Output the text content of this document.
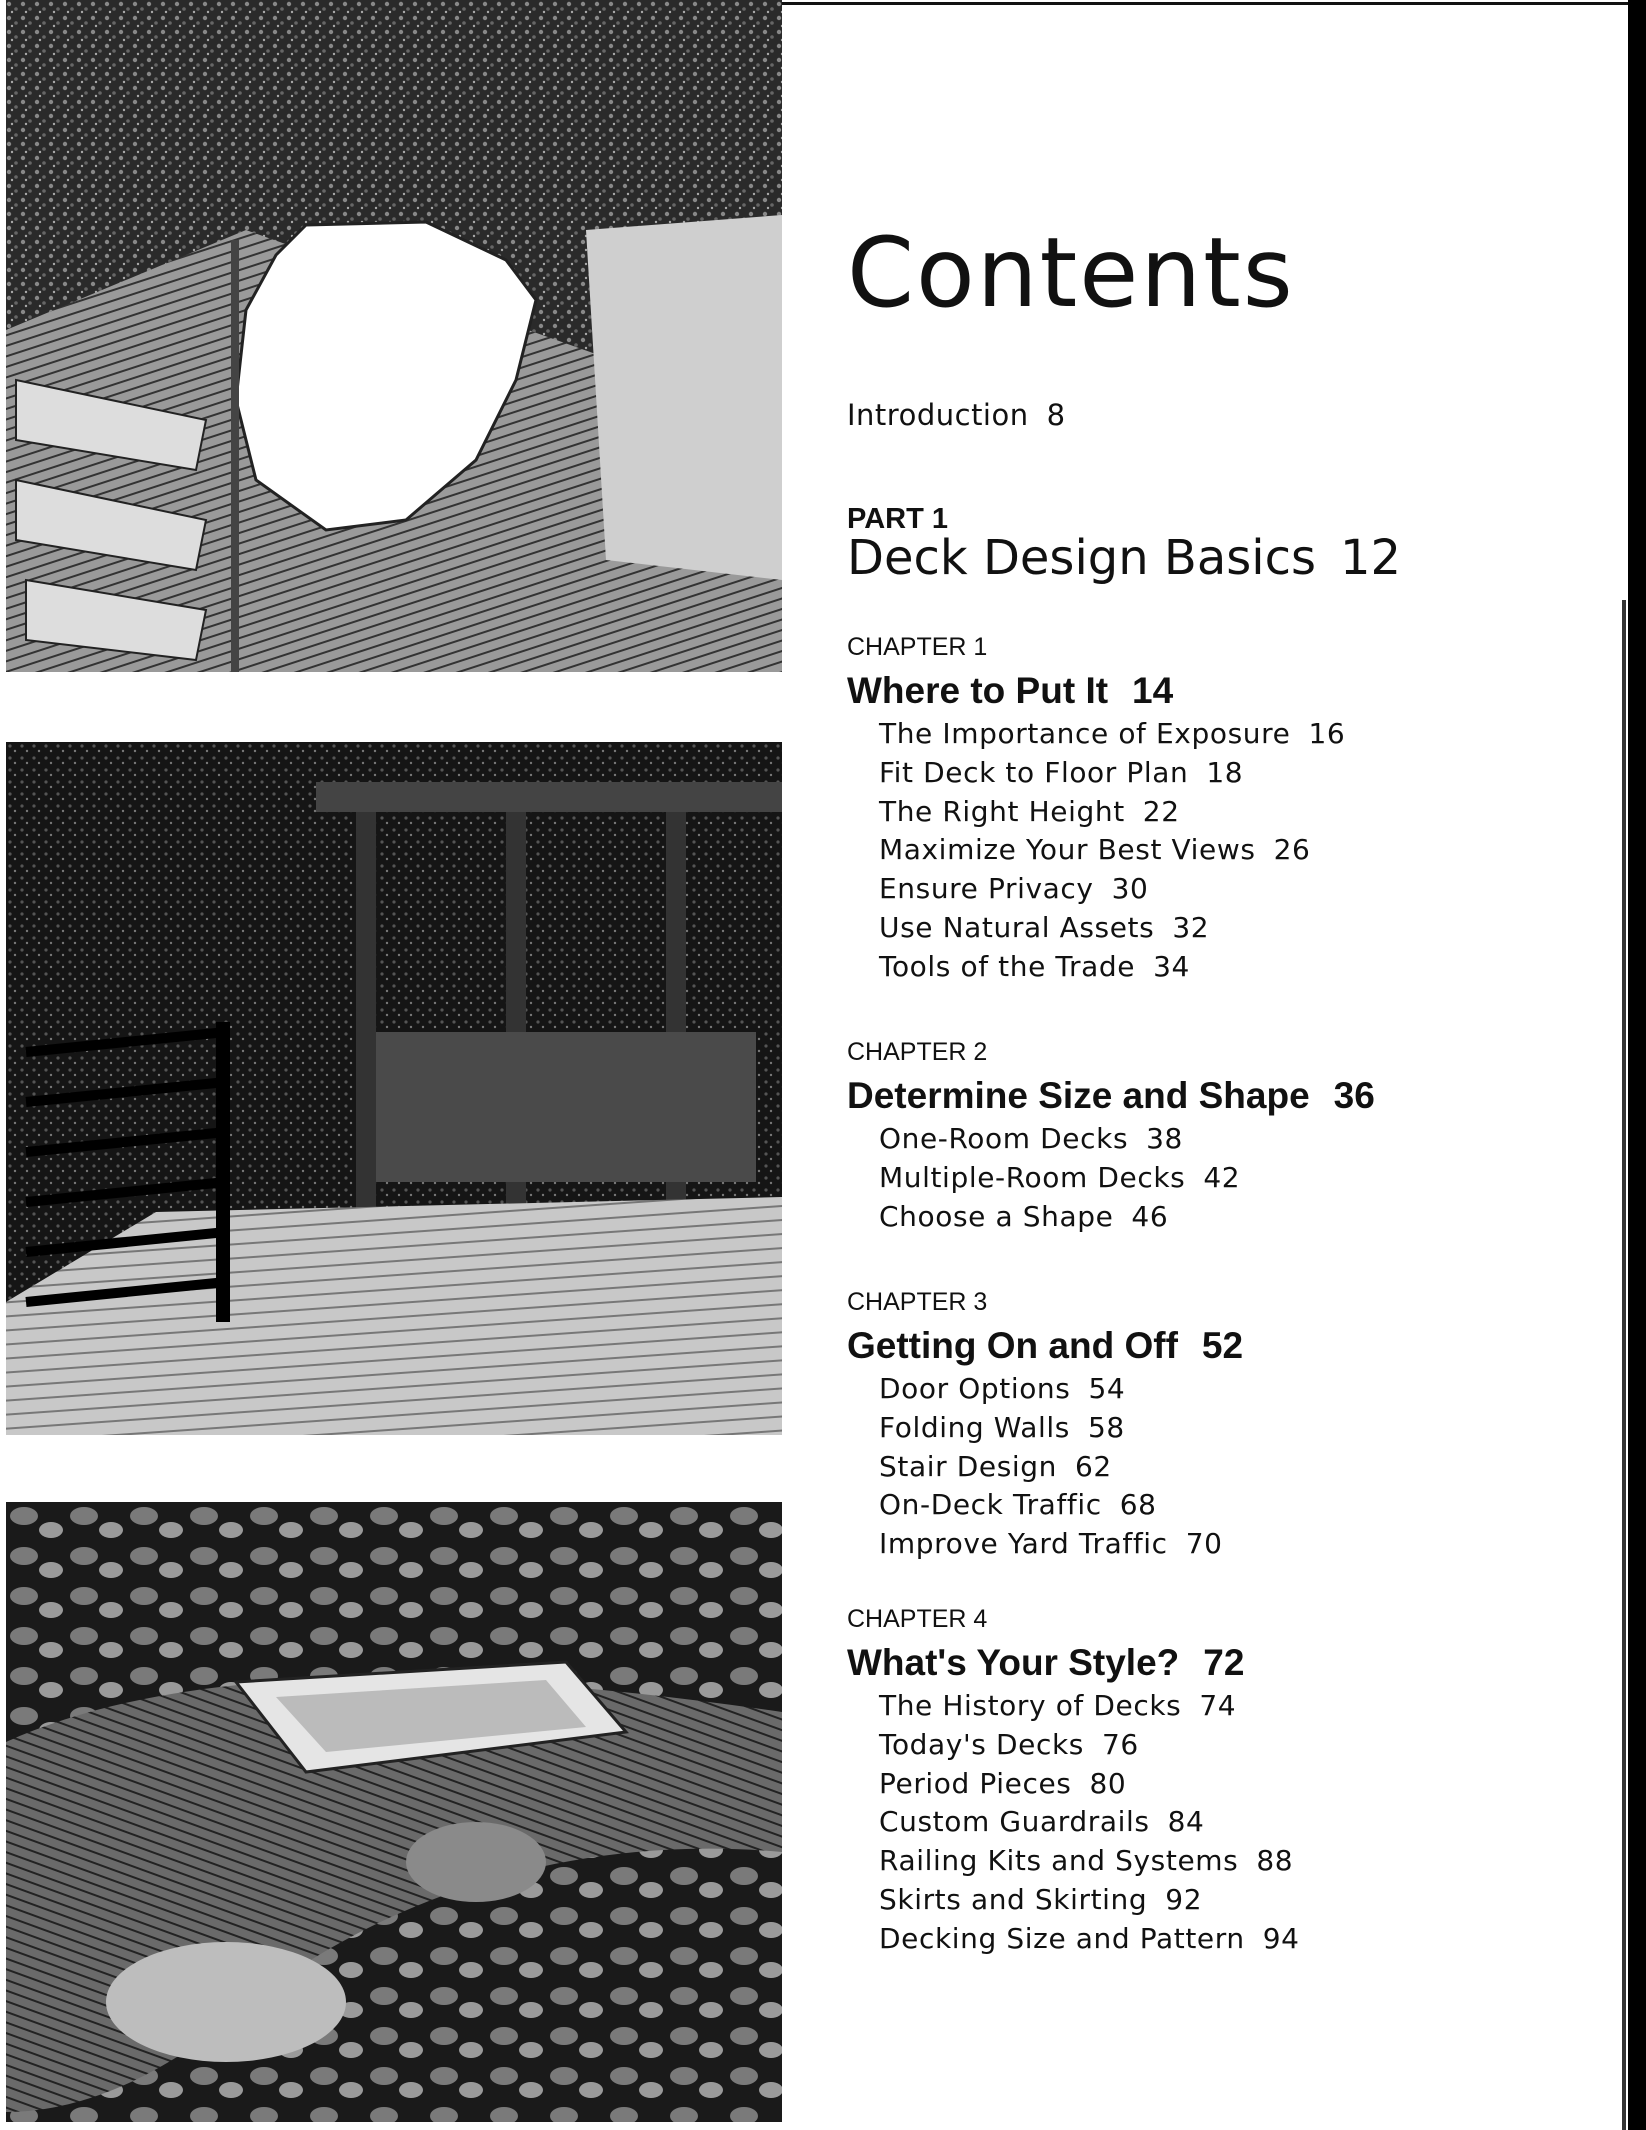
Contents
Introduction 8
PART 1
Deck Design Basics 12
CHAPTER 1
Where to Put It 14
The Importance of Exposure 16
Fit Deck to Floor Plan 18
The Right Height 22
Maximize Your Best Views 26
Ensure Privacy 30
Use Natural Assets 32
Tools of the Trade 34
CHAPTER 2
Determine Size and Shape 36
One-Room Decks 38
Multiple-Room Decks 42
Choose a Shape 46
CHAPTER 3
Getting On and Off 52
Door Options 54
Folding Walls 58
Stair Design 62
On-Deck Traffic 68
Improve Yard Traffic 70
CHAPTER 4
What's Your Style? 72
The History of Decks 74
Today's Decks 76
Period Pieces 80
Custom Guardrails 84
Railing Kits and Systems 88
Skirts and Skirting 92
Decking Size and Pattern 94
